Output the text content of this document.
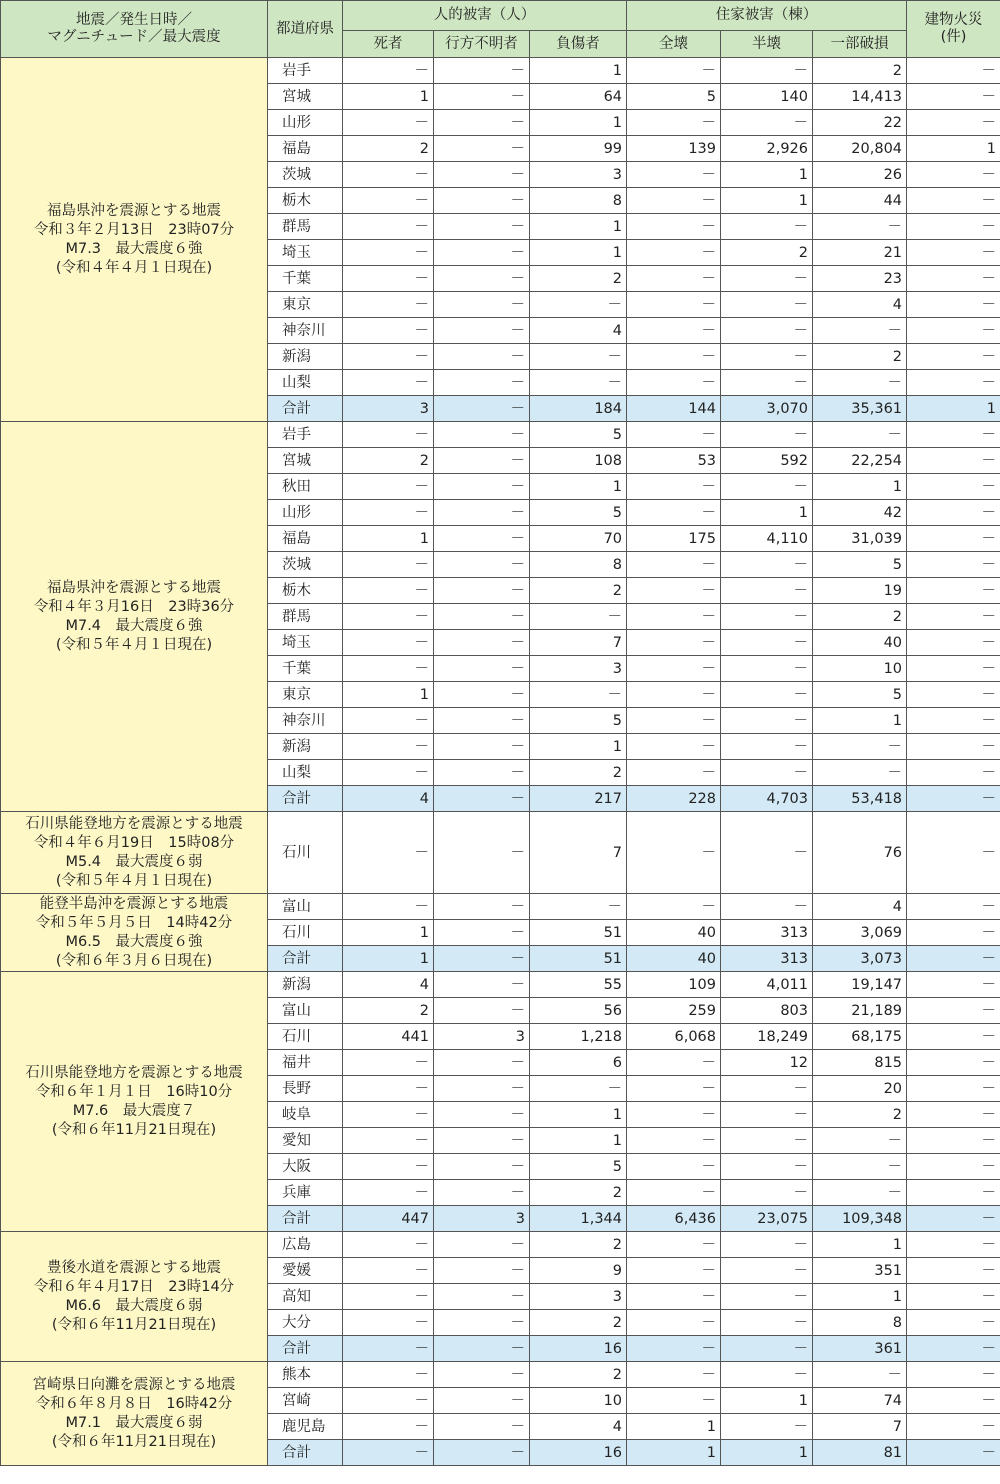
地震／発生日時／
マグニチュード／最大震度	都道府県	人的被害（人）			住家被害（棟）			建物火災
(件)
		死者	行方不明者	負傷者	全壊	半壊	一部破損	

福島県沖を震源とする地震
令和３年２月13日　23時07分
M7.3　最大震度６強
(令和４年４月１日現在)	岩手	－	－	1	－	－	2	－
	宮城	1	－	64	5	140	14,413	－
	山形	－	－	1	－	－	22	－
	福島	2	－	99	139	2,926	20,804	1
	茨城	－	－	3	－	1	26	－
	栃木	－	－	8	－	1	44	－
	群馬	－	－	1	－	－	－	－
	埼玉	－	－	1	－	2	21	－
	千葉	－	－	2	－	－	23	－
	東京	－	－	－	－	－	4	－
	神奈川	－	－	4	－	－	－	－
	新潟	－	－	－	－	－	2	－
	山梨	－	－	－	－	－	－	－
	合計	3	－	184	144	3,070	35,361	1

福島県沖を震源とする地震
令和４年３月16日　23時36分
M7.4　最大震度６強
(令和５年４月１日現在)	岩手	－	－	5	－	－	－	－
	宮城	2	－	108	53	592	22,254	－
	秋田	－	－	1	－	－	1	－
	山形	－	－	5	－	1	42	－
	福島	1	－	70	175	4,110	31,039	－
	茨城	－	－	8	－	－	5	－
	栃木	－	－	2	－	－	19	－
	群馬	－	－	－	－	－	2	－
	埼玉	－	－	7	－	－	40	－
	千葉	－	－	3	－	－	10	－
	東京	1	－	－	－	－	5	－
	神奈川	－	－	5	－	－	1	－
	新潟	－	－	1	－	－	－	－
	山梨	－	－	2	－	－	－	－
	合計	4	－	217	228	4,703	53,418	－

石川県能登地方を震源とする地震
令和４年６月19日　15時08分
M5.4　最大震度６弱
(令和５年４月１日現在)	石川	－	－	7	－	－	76	－

能登半島沖を震源とする地震
令和５年５月５日　14時42分
M6.5　最大震度６強
(令和６年３月６日現在)	富山	－	－	－	－	－	4	－
	石川	1	－	51	40	313	3,069	－
	合計	1	－	51	40	313	3,073	－

石川県能登地方を震源とする地震
令和６年１月１日　16時10分
M7.6　最大震度７
(令和６年11月21日現在)	新潟	4	－	55	109	4,011	19,147	－
	富山	2	－	56	259	803	21,189	－
	石川	441	3	1,218	6,068	18,249	68,175	－
	福井	－	－	6	－	12	815	－
	長野	－	－	－	－	－	20	－
	岐阜	－	－	1	－	－	2	－
	愛知	－	－	1	－	－	－	－
	大阪	－	－	5	－	－	－	－
	兵庫	－	－	2	－	－	－	－
	合計	447	3	1,344	6,436	23,075	109,348	－

豊後水道を震源とする地震
令和６年４月17日　23時14分
M6.6　最大震度６弱
(令和６年11月21日現在)	広島	－	－	2	－	－	1	－
	愛媛	－	－	9	－	－	351	－
	高知	－	－	3	－	－	1	－
	大分	－	－	2	－	－	8	－
	合計	－	－	16	－	－	361	－

宮崎県日向灘を震源とする地震
令和６年８月８日　16時42分
M7.1　最大震度６弱
(令和６年11月21日現在)	熊本	－	－	2	－	－	－	－
	宮崎	－	－	10	－	1	74	－
	鹿児島	－	－	4	1	－	7	－
	合計	－	－	16	1	1	81	－
